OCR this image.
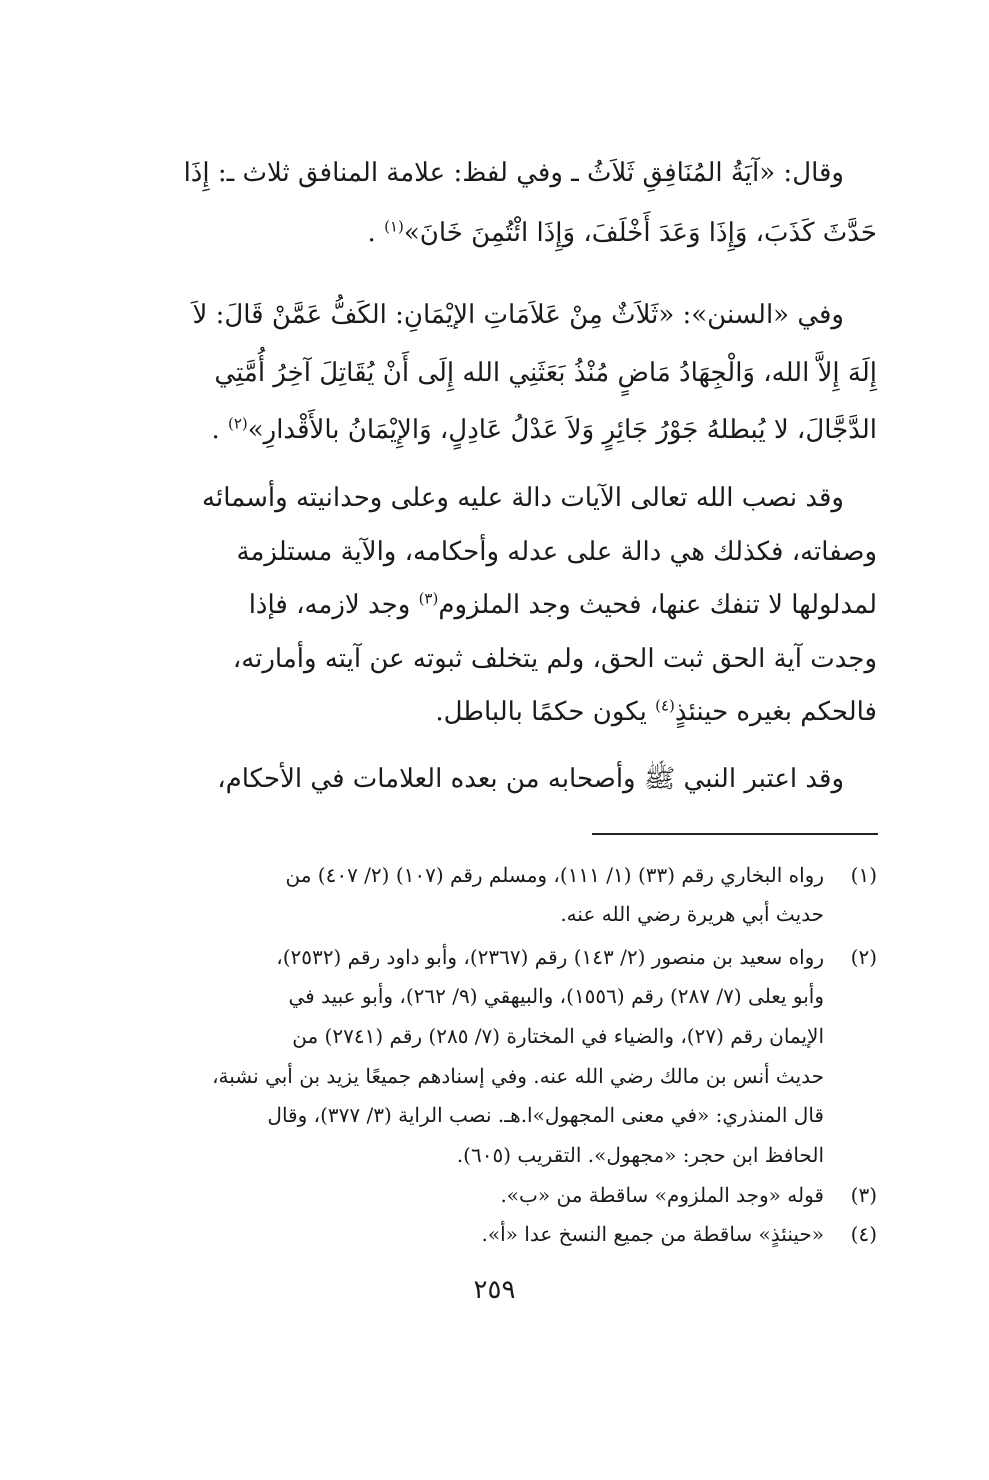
وقال: «آيَةُ المُنَافِقِ ثَلاَثُ ـ وفي لفظ: علامة المنافق ثلاث ـ: إِذَا
حَدَّثَ كَذَبَ، وَإِذَا وَعَدَ أَخْلَفَ، وَإِذَا ائْتُمِنَ خَانَ»$^{(١)}$ .
وفي «السنن»: «ثَلاَثٌ مِنْ عَلاَمَاتِ الإيْمَانِ: الكَفُّ عَمَّنْ قَالَ: لاَ
إِلَهَ إِلاَّ الله، وَالْجِهَادُ مَاضٍ مُنْذُ بَعَثَنِي الله إِلَى أَنْ يُقَاتِلَ آخِرُ أُمَّتِي
الدَّجَّالَ، لا يُبطلهُ جَوْرُ جَائِرٍ وَلاَ عَدْلُ عَادِلٍ، وَالإِيْمَانُ بالأَقْدارِ»$^{(٢)}$ .
وقد نصب الله تعالى الآيات دالة عليه وعلى وحدانيته وأسمائه
وصفاته، فكذلك هي دالة على عدله وأحكامه، والآية مستلزمة
لمدلولها لا تنفك عنها، فحيث وجد الملزوم$^{(٣)}$ وجد لازمه، فإذا
وجدت آية الحق ثبت الحق، ولم يتخلف ثبوته عن آيته وأمارته،
فالحكم بغيره حينئذٍ$^{(٤)}$ يكون حكمًا بالباطل.
وقد اعتبر النبي ﷺ وأصحابه من بعده العلامات في الأحكام،
(١)
رواه البخاري رقم (٣٣) (١/ ١١١)، ومسلم رقم (١٠٧) (٢/ ٤٠٧) من
حديث أبي هريرة رضي الله عنه.
(٢)
رواه سعيد بن منصور (٢/ ١٤٣) رقم (٢٣٦٧)، وأبو داود رقم (٢٥٣٢)،
وأبو يعلى (٧/ ٢٨٧) رقم (١٥٥٦)، والبيهقي (٩/ ٢٦٢)، وأبو عبيد في
الإيمان رقم (٢٧)، والضياء في المختارة (٧/ ٢٨٥) رقم (٢٧٤١) من
حديث أنس بن مالك رضي الله عنه. وفي إسنادهم جميعًا يزيد بن أبي نشبة،
قال المنذري: «في معنى المجهول»ا.هـ. نصب الراية (٣/ ٣٧٧)، وقال
الحافظ ابن حجر: «مجهول». التقريب (٦٠٥).
(٣)
قوله «وجد الملزوم» ساقطة من «ب».
(٤)
«حينئذٍ» ساقطة من جميع النسخ عدا «أ».
٢٥٩
